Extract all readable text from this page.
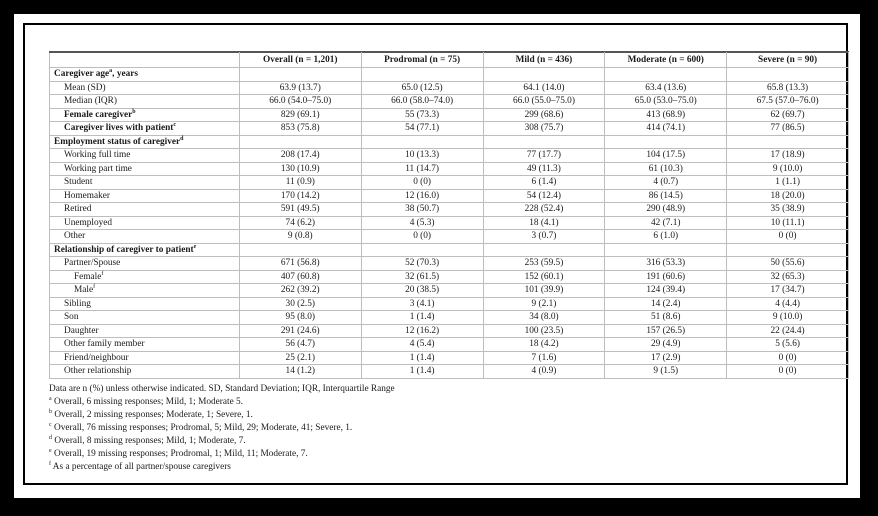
	Overall (n = 1,201)	Prodromal (n = 75)	Mild (n = 436)	Moderate (n = 600)	Severe (n = 90)
Caregiver age$^a$, years					
Mean (SD)	63.9 (13.7)	65.0 (12.5)	64.1 (14.0)	63.4 (13.6)	65.8 (13.3)
Median (IQR)	66.0 (54.0–75.0)	66.0 (58.0–74.0)	66.0 (55.0–75.0)	65.0 (53.0–75.0)	67.5 (57.0–76.0)
Female caregiver$^b$	829 (69.1)	55 (73.3)	299 (68.6)	413 (68.9)	62 (69.7)
Caregiver lives with patient$^c$	853 (75.8)	54 (77.1)	308 (75.7)	414 (74.1)	77 (86.5)
Employment status of caregiver$^d$					
Working full time	208 (17.4)	10 (13.3)	77 (17.7)	104 (17.5)	17 (18.9)
Working part time	130 (10.9)	11 (14.7)	49 (11.3)	61 (10.3)	9 (10.0)
Student	11 (0.9)	0 (0)	6 (1.4)	4 (0.7)	1 (1.1)
Homemaker	170 (14.2)	12 (16.0)	54 (12.4)	86 (14.5)	18 (20.0)
Retired	591 (49.5)	38 (50.7)	228 (52.4)	290 (48.9)	35 (38.9)
Unemployed	74 (6.2)	4 (5.3)	18 (4.1)	42 (7.1)	10 (11.1)
Other	9 (0.8)	0 (0)	3 (0.7)	6 (1.0)	0 (0)
Relationship of caregiver to patient$^e$					
Partner/Spouse	671 (56.8)	52 (70.3)	253 (59.5)	316 (53.3)	50 (55.6)
Female$^f$	407 (60.8)	32 (61.5)	152 (60.1)	191 (60.6)	32 (65.3)
Male$^f$	262 (39.2)	20 (38.5)	101 (39.9)	124 (39.4)	17 (34.7)
Sibling	30 (2.5)	3 (4.1)	9 (2.1)	14 (2.4)	4 (4.4)
Son	95 (8.0)	1 (1.4)	34 (8.0)	51 (8.6)	9 (10.0)
Daughter	291 (24.6)	12 (16.2)	100 (23.5)	157 (26.5)	22 (24.4)
Other family member	56 (4.7)	4 (5.4)	18 (4.2)	29 (4.9)	5 (5.6)
Friend/neighbour	25 (2.1)	1 (1.4)	7 (1.6)	17 (2.9)	0 (0)
Other relationship	14 (1.2)	1 (1.4)	4 (0.9)	9 (1.5)	0 (0)
Data are n (%) unless otherwise indicated. SD, Standard Deviation; IQR, Interquartile Range
$^a$ Overall, 6 missing responses; Mild, 1; Moderate 5.
$^b$ Overall, 2 missing responses; Moderate, 1; Severe, 1.
$^c$ Overall, 76 missing responses; Prodromal, 5; Mild, 29; Moderate, 41; Severe, 1.
$^d$ Overall, 8 missing responses; Mild, 1; Moderate, 7.
$^e$ Overall, 19 missing responses; Prodromal, 1; Mild, 11; Moderate, 7.
$^f$ As a percentage of all partner/spouse caregivers
